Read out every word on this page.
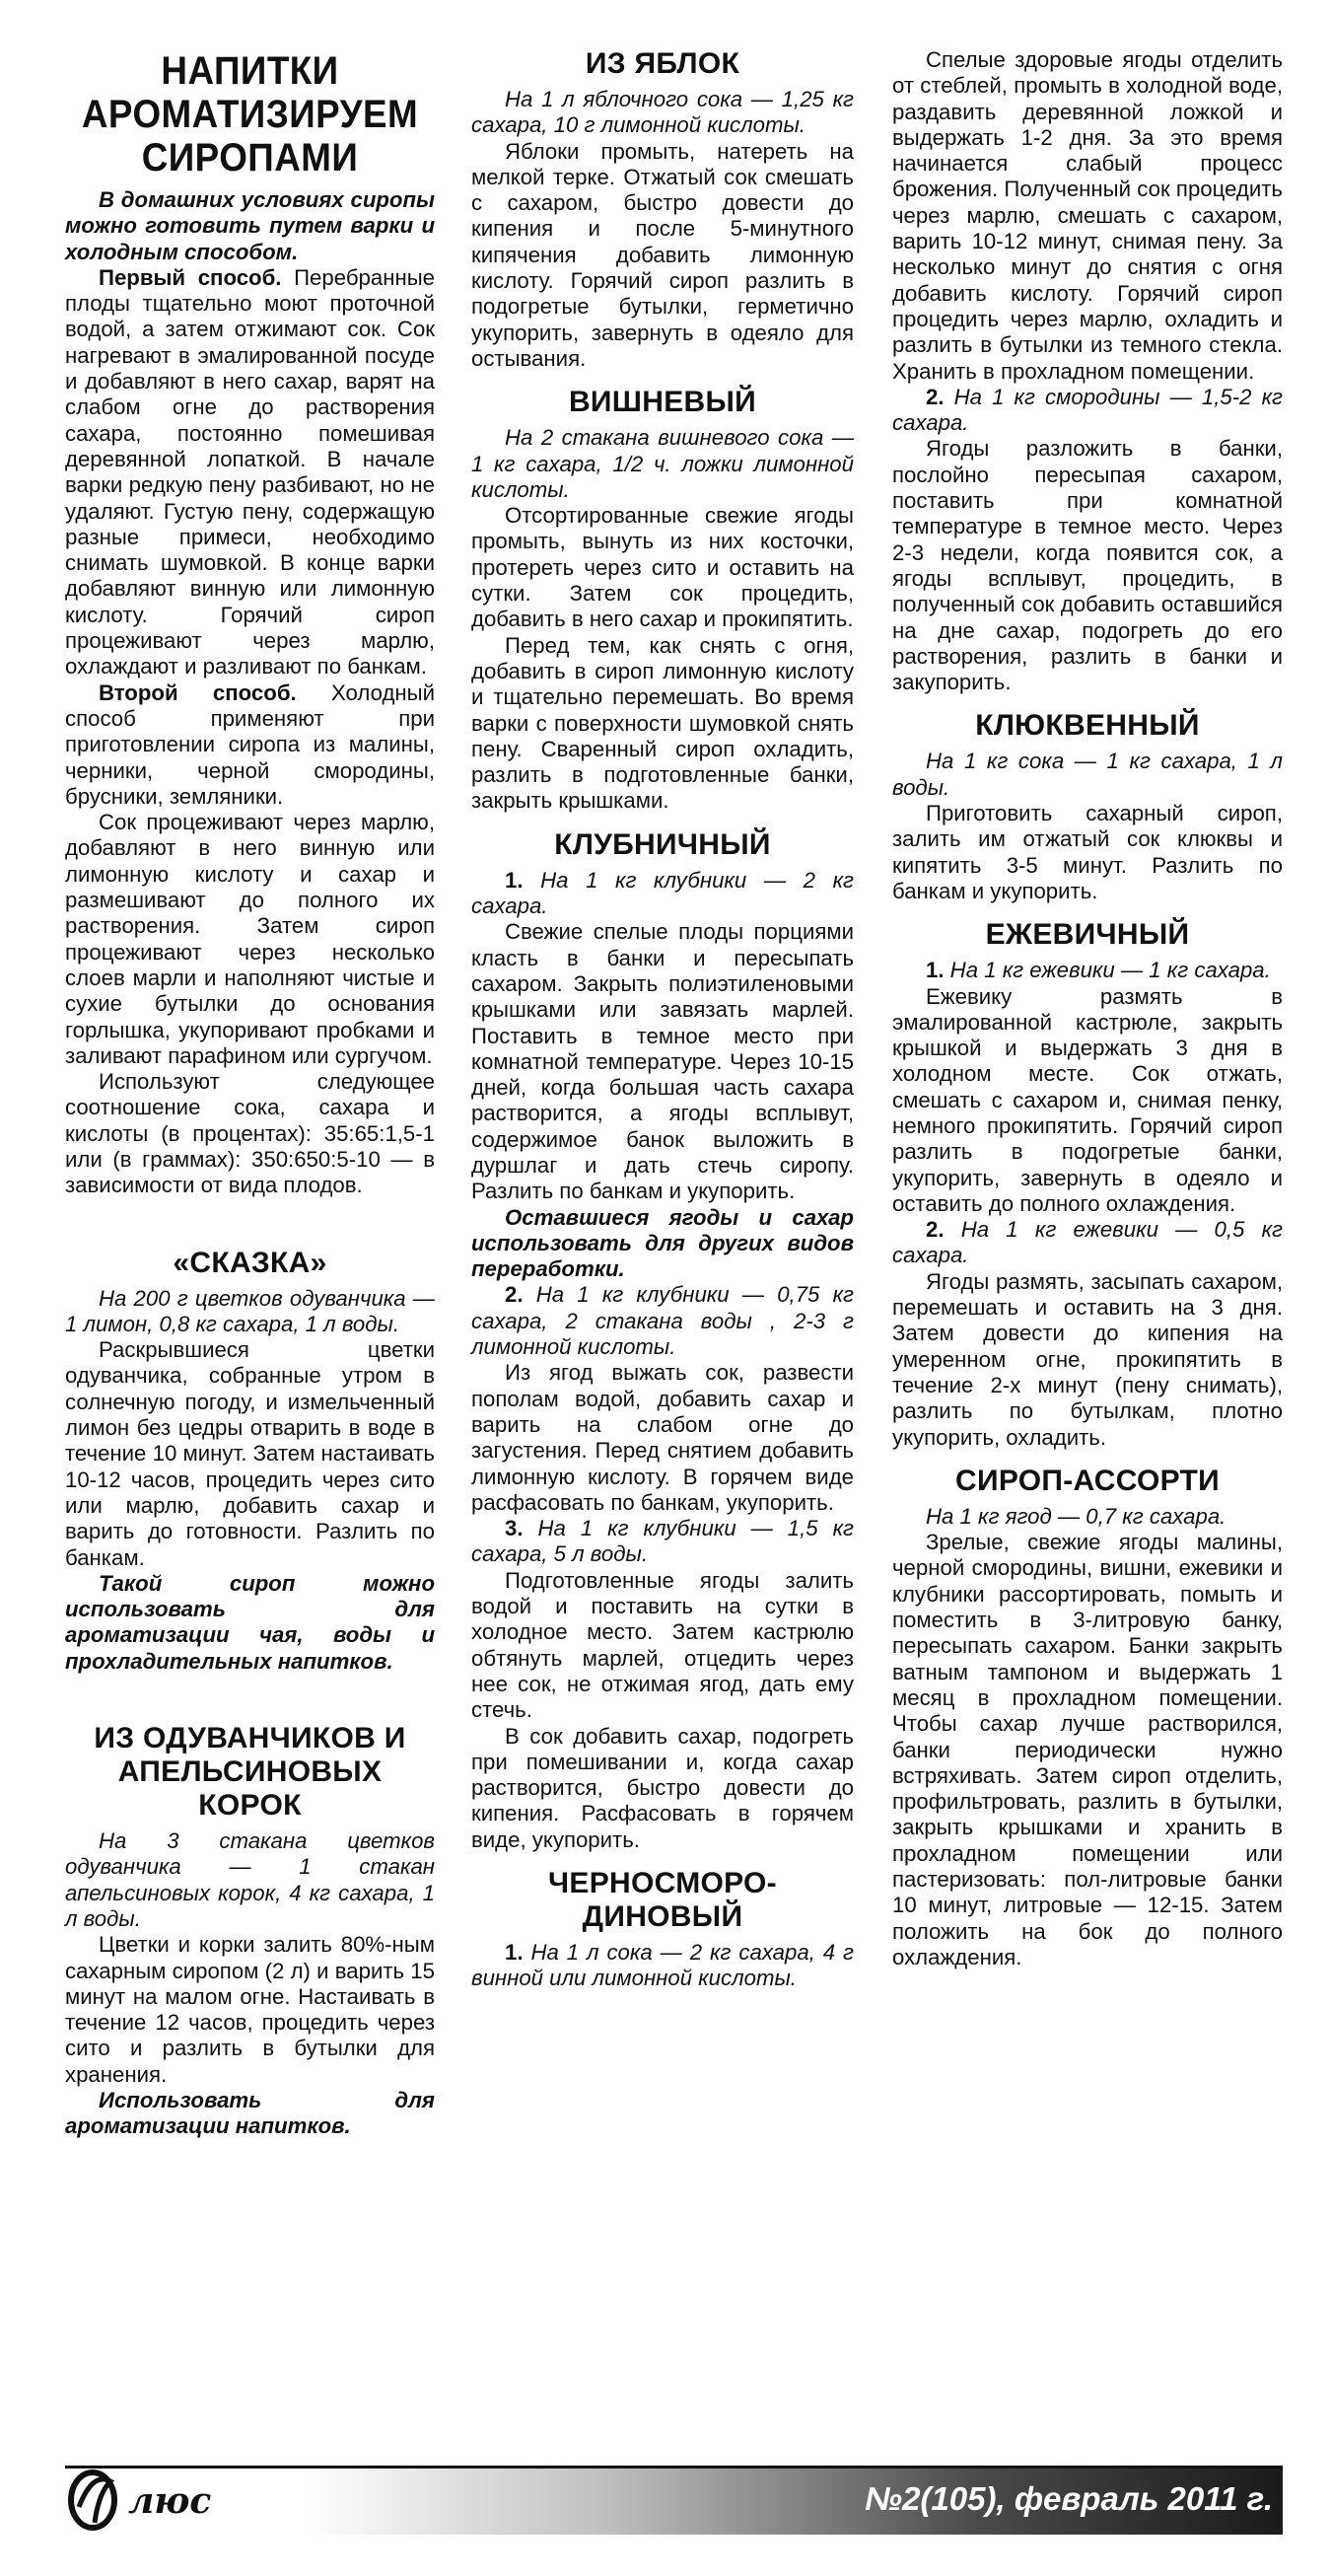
НАПИТКИ АРОМАТИЗИРУЕМ СИРОПАМИ

В домашних условиях сиропы можно готовить путем варки и холодным способом.

Первый способ. Перебранные плоды тщательно моют проточной водой, а затем отжимают сок. Сок нагревают в эмалированной посуде и добавляют в него сахар, варят на слабом огне до растворения сахара, постоянно помешивая деревянной лопаткой. В начале варки редкую пену разбивают, но не удаляют. Густую пену, содержащую разные примеси, необходимо снимать шумовкой. В конце варки добавляют винную или лимонную кислоту. Горячий сироп процеживают через марлю, охлаждают и разливают по банкам.

Второй способ. Холодный способ применяют при приготовлении сиропа из малины, черники, черной смородины, брусники, земляники.

Сок процеживают через марлю, добавляют в него винную или лимонную кислоту и сахар и размешивают до полного их растворения. Затем сироп процеживают через несколько слоев марли и наполняют чистые и сухие бутылки до основания горлышка, укупоривают пробками и заливают парафином или сургучом.

Используют следующее соотношение сока, сахара и кислоты (в процентах): 35:65:1,5-1 или (в граммах): 350:650:5-10 — в зависимости от вида плодов.

«СКАЗКА»

На 200 г цветков одуванчика — 1 лимон, 0,8 кг сахара, 1 л воды.

Раскрывшиеся цветки одуванчика, собранные утром в солнечную погоду, и измельченный лимон без цедры отварить в воде в течение 10 минут. Затем настаивать 10-12 часов, процедить через сито или марлю, добавить сахар и варить до готовности. Разлить по банкам.

Такой сироп можно использовать для ароматизации чая, воды и прохладительных напитков.

ИЗ ОДУВАНЧИКОВ И АПЕЛЬСИНОВЫХ КОРОК

На 3 стакана цветков одуванчика — 1 стакан апельсиновых корок, 4 кг сахара, 1 л воды.

Цветки и корки залить 80%-ным сахарным сиропом (2 л) и варить 15 минут на малом огне. Настаивать в течение 12 часов, процедить через сито и разлить в бутылки для хранения.

Использовать для ароматизации напитков.

ИЗ ЯБЛОК

На 1 л яблочного сока — 1,25 кг сахара, 10 г лимонной кислоты.

Яблоки промыть, натереть на мелкой терке. Отжатый сок смешать с сахаром, быстро довести до кипения и после 5-минутного кипячения добавить лимонную кислоту. Горячий сироп разлить в подогретые бутылки, герметично укупорить, завернуть в одеяло для остывания.

ВИШНЕВЫЙ

На 2 стакана вишневого сока — 1 кг сахара, 1/2 ч. ложки лимонной кислоты.

Отсортированные свежие ягоды промыть, вынуть из них косточки, протереть через сито и оставить на сутки. Затем сок процедить, добавить в него сахар и прокипятить.

Перед тем, как снять с огня, добавить в сироп лимонную кислоту и тщательно перемешать. Во время варки с поверхности шумовкой снять пену. Сваренный сироп охладить, разлить в подготовленные банки, закрыть крышками.

КЛУБНИЧНЫЙ

1. На 1 кг клубники — 2 кг сахара.

Свежие спелые плоды порциями класть в банки и пересыпать сахаром. Закрыть полиэтиленовыми крышками или завязать марлей. Поставить в темное место при комнатной температуре. Через 10-15 дней, когда большая часть сахара растворится, а ягоды всплывут, содержимое банок выложить в дуршлаг и дать стечь сиропу. Разлить по банкам и укупорить.

Оставшиеся ягоды и сахар использовать для других видов переработки.

2. На 1 кг клубники — 0,75 кг сахара, 2 стакана воды , 2-3 г лимонной кислоты.

Из ягод выжать сок, развести пополам водой, добавить сахар и варить на слабом огне до загустения. Перед снятием добавить лимонную кислоту. В горячем виде расфасовать по банкам, укупорить.

3. На 1 кг клубники — 1,5 кг сахара, 5 л воды.

Подготовленные ягоды залить водой и поставить на сутки в холодное место. Затем кастрюлю обтянуть марлей, отцедить через нее сок, не отжимая ягод, дать ему стечь.

В сок добавить сахар, подогреть при помешивании и, когда сахар растворится, быстро довести до кипения. Расфасовать в горячем виде, укупорить.

ЧЕРНОСМОРО-
ДИНОВЫЙ

1. На 1 л сока — 2 кг сахара, 4 г винной или лимонной кислоты.

Спелые здоровые ягоды отделить от стеблей, промыть в холодной воде, раздавить деревянной ложкой и выдержать 1-2 дня. За это время начинается слабый процесс брожения. Полученный сок процедить через марлю, смешать с сахаром, варить 10-12 минут, снимая пену. За несколько минут до снятия с огня добавить кислоту. Горячий сироп процедить через марлю, охладить и разлить в бутылки из темного стекла. Хранить в прохладном помещении.

2. На 1 кг смородины — 1,5-2 кг сахара.

Ягоды разложить в банки, послойно пересыпая сахаром, поставить при комнатной температуре в темное место. Через 2-3 недели, когда появится сок, а ягоды всплывут, процедить, в полученный сок добавить оставшийся на дне сахар, подогреть до его растворения, разлить в банки и закупорить.

КЛЮКВЕННЫЙ

На 1 кг сока — 1 кг сахара, 1 л воды.

Приготовить сахарный сироп, залить им отжатый сок клюквы и кипятить 3-5 минут. Разлить по банкам и укупорить.

ЕЖЕВИЧНЫЙ

1. На 1 кг ежевики — 1 кг сахара.

Ежевику размять в эмалированной кастрюле, закрыть крышкой и выдержать 3 дня в холодном месте. Сок отжать, смешать с сахаром и, снимая пенку, немного прокипятить. Горячий сироп разлить в подогретые банки, укупорить, завернуть в одеяло и оставить до полного охлаждения.

2. На 1 кг ежевики — 0,5 кг сахара.

Ягоды размять, засыпать сахаром, перемешать и оставить на 3 дня. Затем довести до кипения на умеренном огне, прокипятить в течение 2-х минут (пену снимать), разлить по бутылкам, плотно укупорить, охладить.

СИРОП-АССОРТИ

На 1 кг ягод — 0,7 кг сахара.

Зрелые, свежие ягоды малины, черной смородины, вишни, ежевики и клубники рассортировать, помыть и поместить в 3-литровую банку, пересыпать сахаром. Банки закрыть ватным тампоном и выдержать 1 месяц в прохладном помещении. Чтобы сахар лучше растворился, банки периодически нужно встряхивать. Затем сироп отделить, профильтровать, разлить в бутылки, закрыть крышками и хранить в прохладном помещении или пастеризовать: пол-литровые банки 10 минут, литровые — 12-15. Затем положить на бок до полного охлаждения.

люс	№2(105), февраль 2011 г.
